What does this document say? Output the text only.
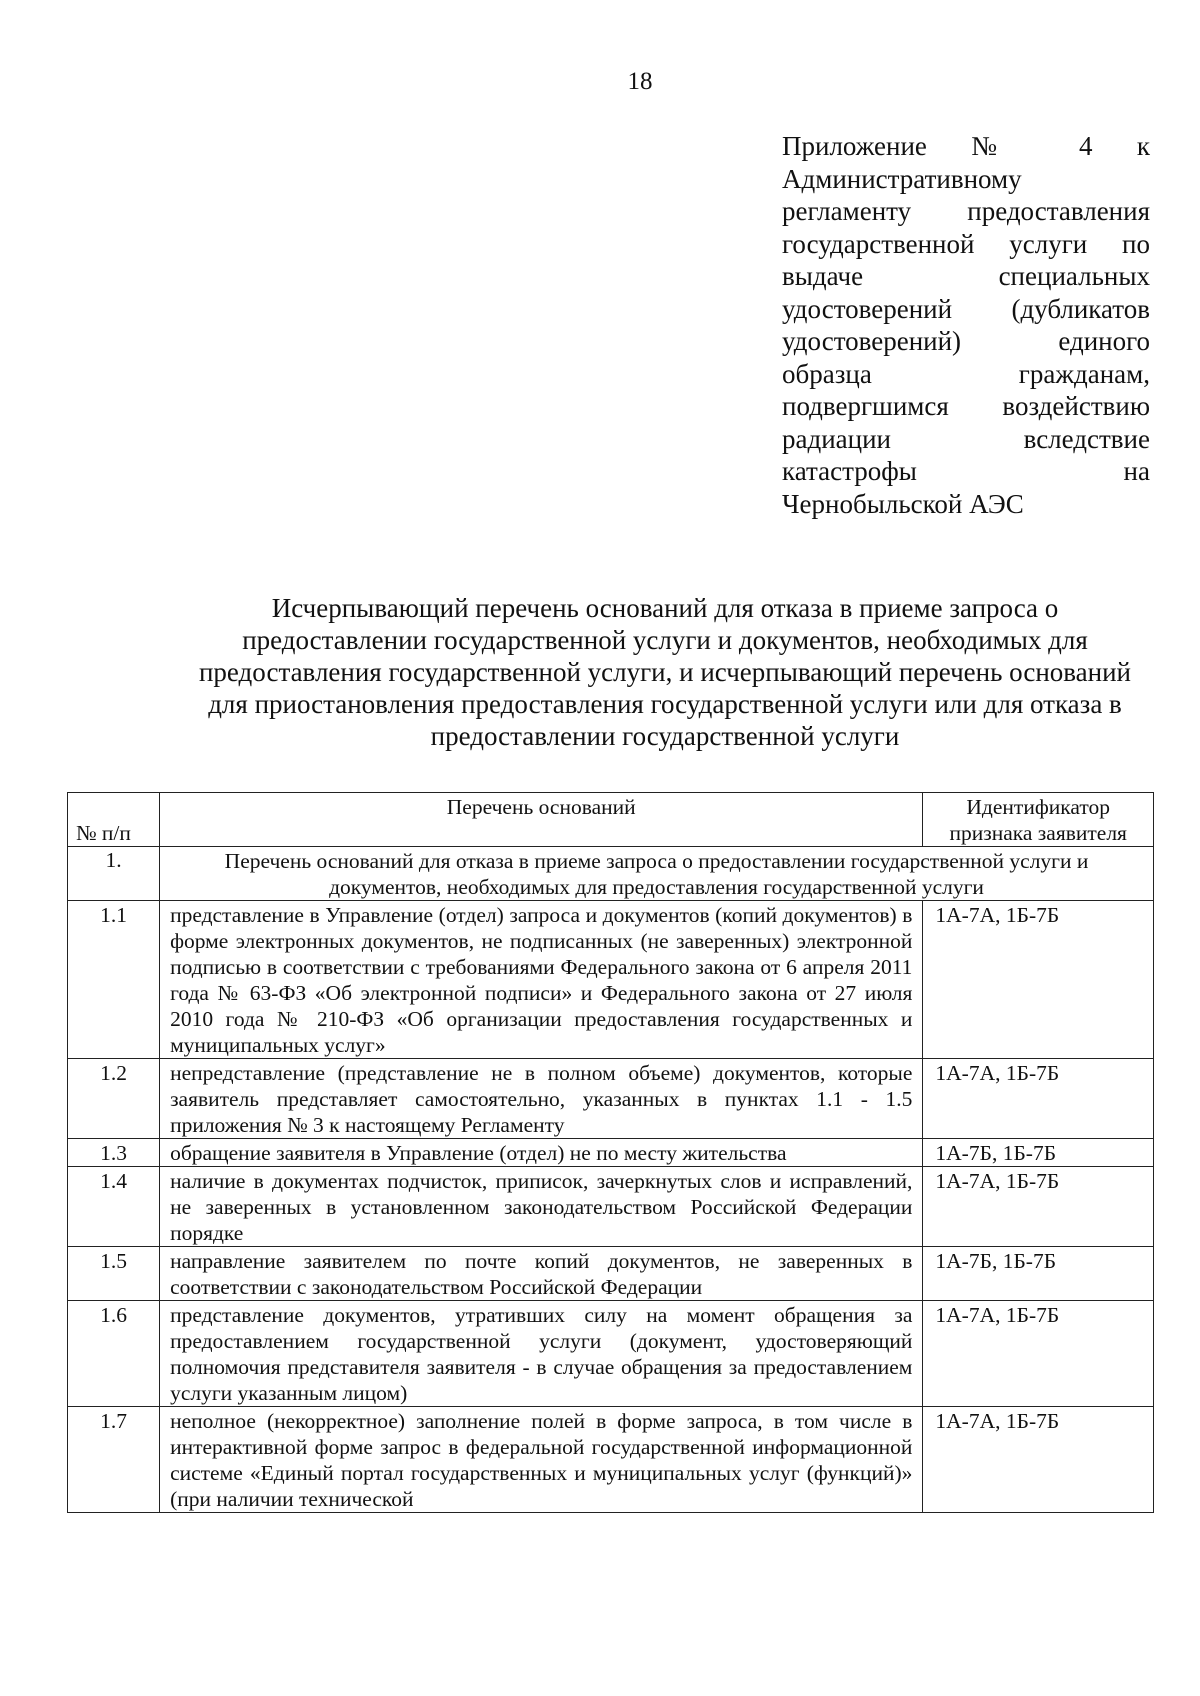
18
Приложение № 4 к
Административному
регламенту предоставления
государственной услуги по
выдаче специальных
удостоверений (дубликатов
удостоверений) единого
образца гражданам,
подвергшимся воздействию
радиации вследствие
катастрофы на
Чернобыльской АЭС
Исчерпывающий перечень оснований для отказа в приеме запроса о
предоставлении государственной услуги и документов, необходимых для
предоставления государственной услуги, и исчерпывающий перечень оснований
для приостановления предоставления государственной услуги или для отказа в
предоставлении государственной услуги
№ п/п	Перечень оснований	Идентификатор признака заявителя
1.	Перечень оснований для отказа в приеме запроса о предоставлении государственной услуги и документов, необходимых для предоставления государственной услуги	
1.1	представление в Управление (отдел) запроса и документов (копий документов) в форме электронных документов, не подписанных (не заверенных) электронной подписью в соответствии с требованиями Федерального закона от 6 апреля 2011 года № 63-ФЗ «Об электронной подписи» и Федерального закона от 27 июля 2010 года № 210-ФЗ «Об организации предоставления государственных и муниципальных услуг»	1А-7А, 1Б-7Б
1.2	непредставление (представление не в полном объеме) документов, которые заявитель представляет самостоятельно, указанных в пунктах 1.1 - 1.5 приложения № 3 к настоящему Регламенту	1А-7А, 1Б-7Б
1.3	обращение заявителя в Управление (отдел) не по месту жительства	1А-7Б, 1Б-7Б
1.4	наличие в документах подчисток, приписок, зачеркнутых слов и исправлений, не заверенных в установленном законодательством Российской Федерации порядке	1А-7А, 1Б-7Б
1.5	направление заявителем по почте копий документов, не заверенных в соответствии с законодательством Российской Федерации	1А-7Б, 1Б-7Б
1.6	представление документов, утративших силу на момент обращения за предоставлением государственной услуги (документ, удостоверяющий полномочия представителя заявителя - в случае обращения за предоставлением услуги указанным лицом)	1А-7А, 1Б-7Б
1.7	неполное (некорректное) заполнение полей в форме запроса, в том числе в интерактивной форме запрос в федеральной государственной информационной системе «Единый портал государственных и муниципальных услуг (функций)» (при наличии технической	1А-7А, 1Б-7Б
